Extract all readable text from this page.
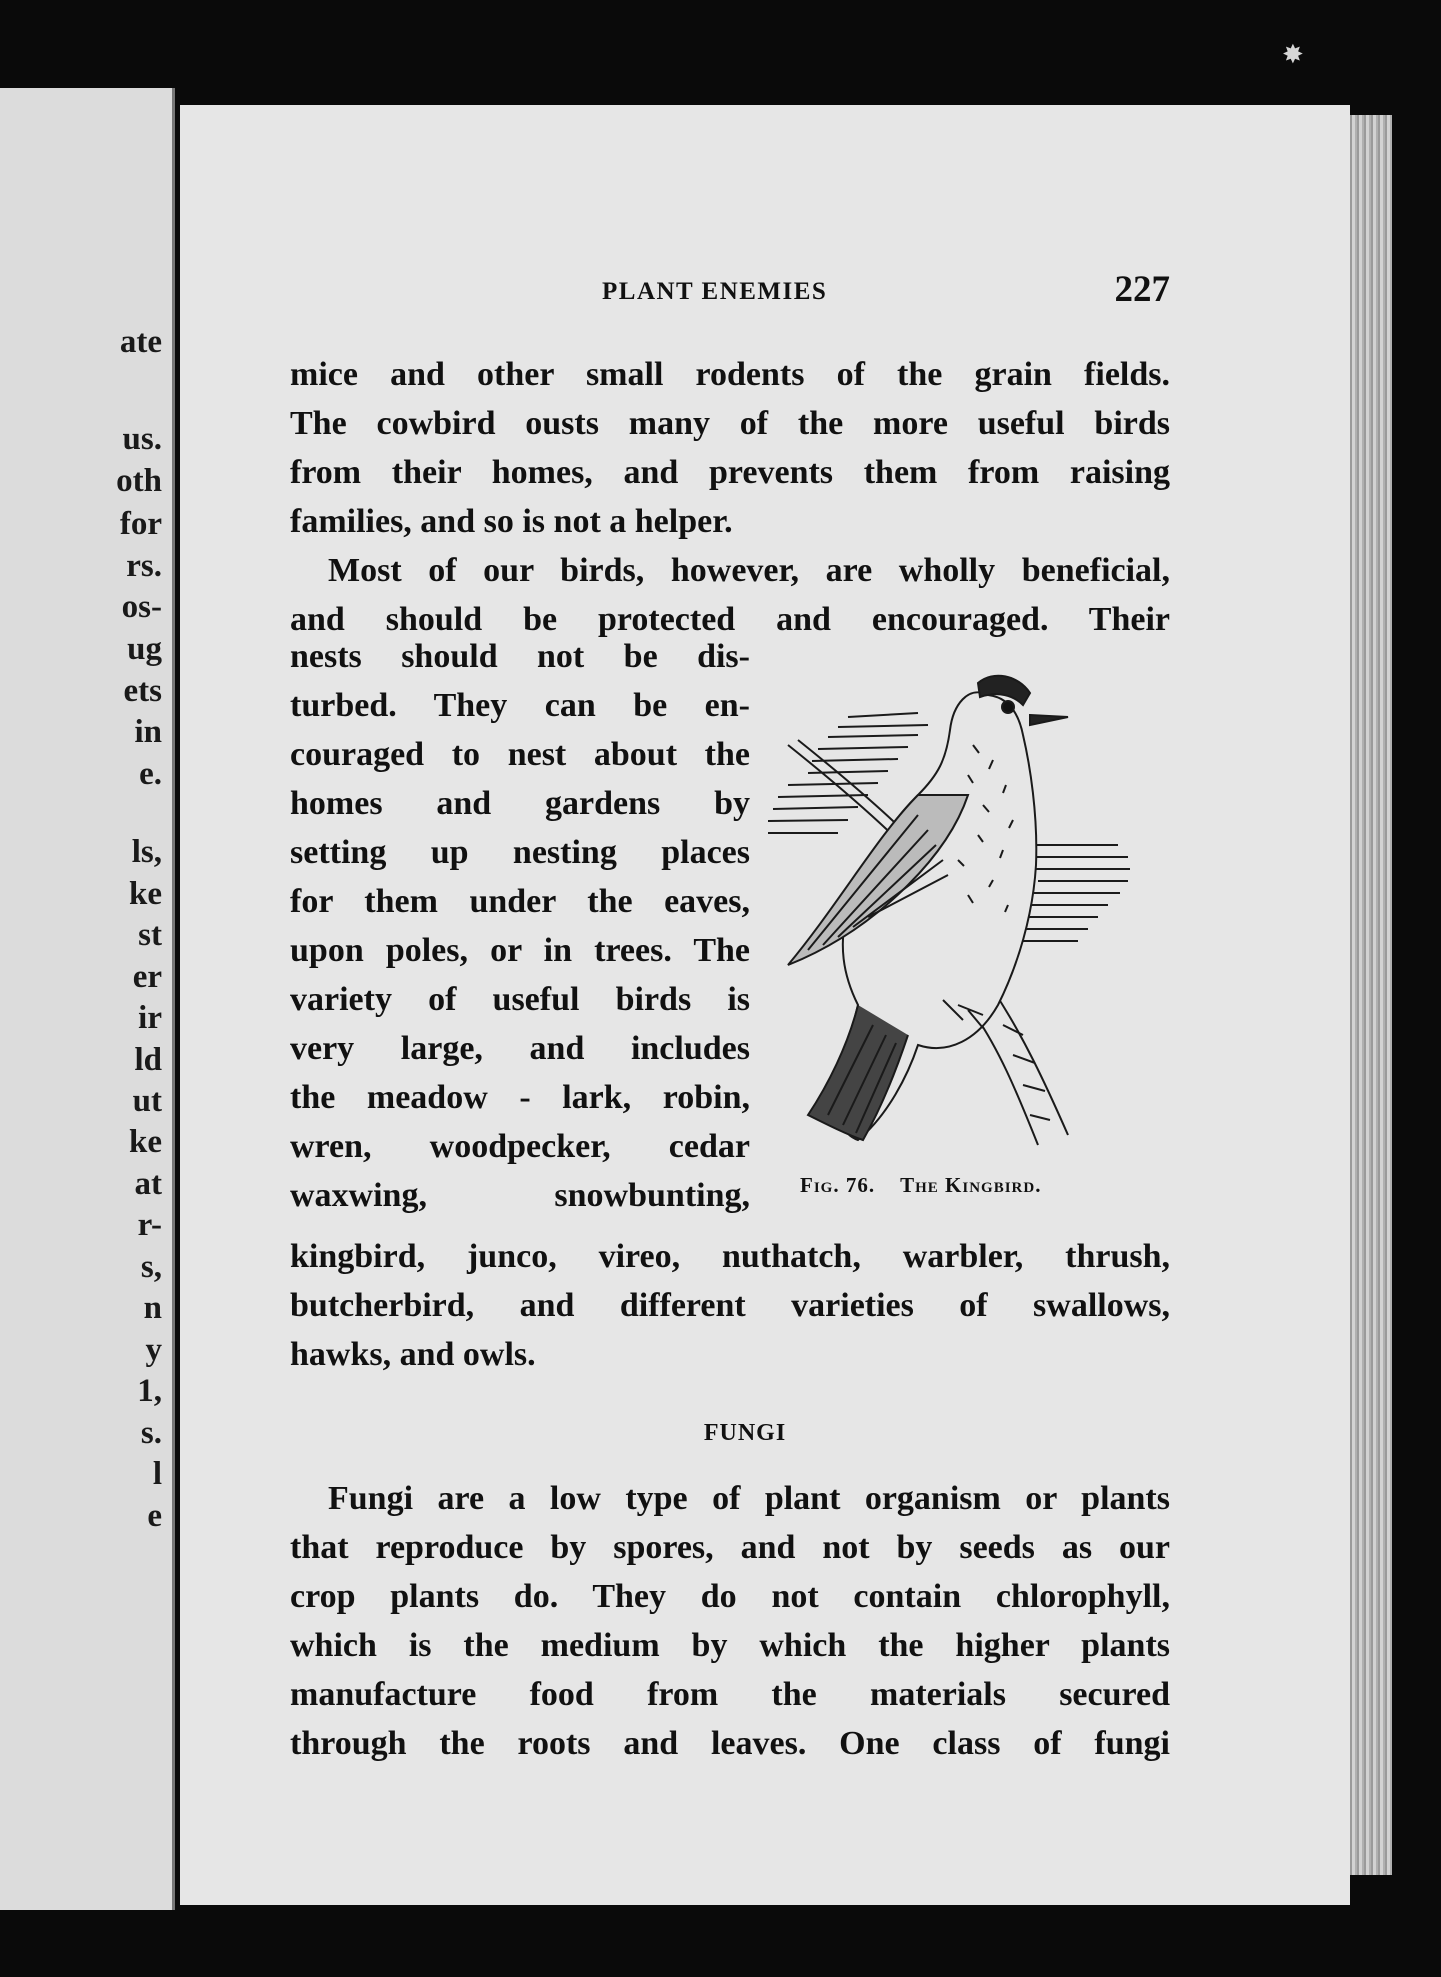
ate
us.
oth
for
rs.
os-
ug
ets
in
e.
ls,
ke
st
er
ir
ld
ut
ke
at
r-
s,
n
y
1,
s.
l
e
PLANT ENEMIES	227
mice and other small rodents of the grain fields.
The cowbird ousts many of the more useful birds
from their homes, and prevents them from raising
families, and so is not a helper.
Most of our birds, however, are wholly beneficial,
and should be protected and encouraged. Their
nests should not be dis-
turbed. They can be en-
couraged to nest about the
homes and gardens by
setting up nesting places
for them under the eaves,
upon poles, or in trees. The
variety of useful birds is
very large, and includes
the meadow - lark, robin,
wren, woodpecker, cedar
waxwing, snowbunting, Fig. 76. The Kingbird.
kingbird, junco, vireo, nuthatch, warbler, thrush,
butcherbird, and different varieties of swallows,
hawks, and owls.
FUNGI
Fungi are a low type of plant organism or plants
that reproduce by spores, and not by seeds as our
crop plants do. They do not contain chlorophyll,
which is the medium by which the higher plants
manufacture food from the materials secured
through the roots and leaves. One class of fungi
✸
